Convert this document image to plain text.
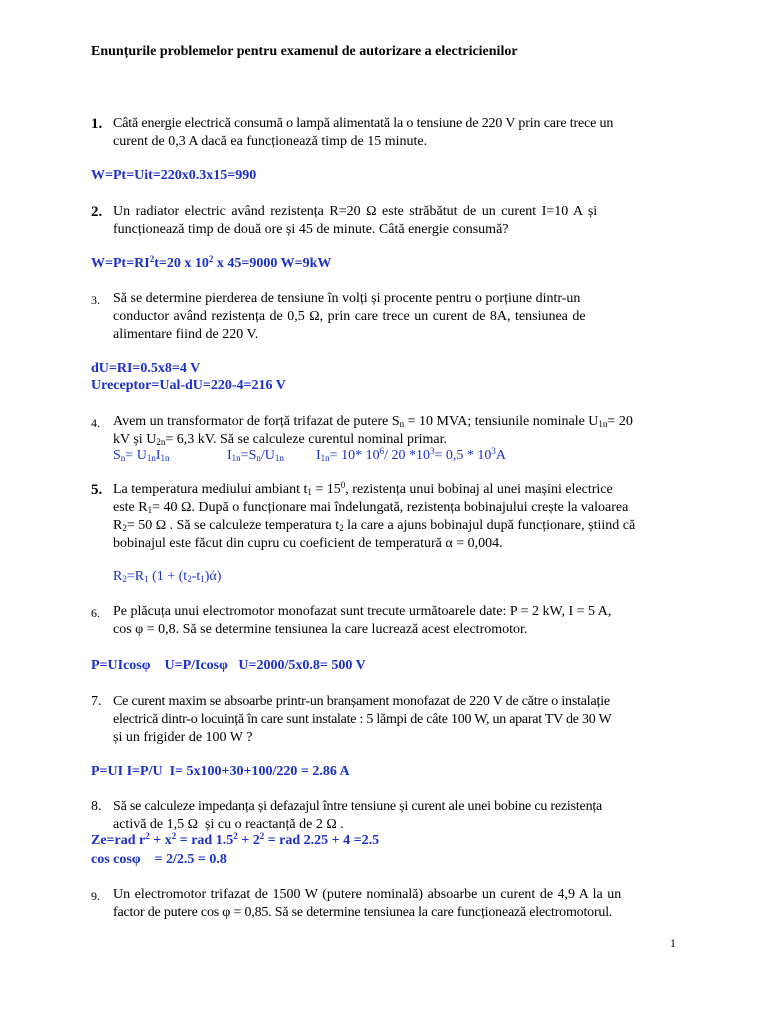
Enunțurile problemelor pentru examenul de autorizare a electricienilor
1. Câtă energie electrică consumă o lampă alimentată la o tensiune de 220 V prin care trece un
curent de 0,3 A dacă ea funcționează timp de 15 minute.
W=Pt=Uit=220x0.3x15=990
2. Un radiator electric având rezistența R=20 Ω este străbătut de un curent I=10 A și
funcționează timp de două ore și 45 de minute. Câtă energie consumă?
$W=Pt=RI^2t=20$ x $10^2$ x 45=9000 W=9kW
3. Să se determine pierderea de tensiune în volți și procente pentru o porțiune dintr-un
conductor având rezistența de 0,5 Ω, prin care trece un curent de 8A, tensiunea de
alimentare fiind de 220 V.
dU=RI=0.5x8=4 V
Ureceptor=Ual-dU=220-4=216 V
4. Avem un transformator de forță trifazat de putere $S_n = 10$ MVA; tensiunile nominale $U_{1n}= 20$
kV și $U_{2n}= 6,3$ kV. Să se calculeze curentul nominal primar.
$S_n= U_{1n}I_{1n}$	$I_{1n}=S_n/U_{1n}$ $I_{1n}= 10*$ $10^6/$ 20 $*10^3= 0,5 * 10^3A$
5. La temperatura mediului ambiant $t_1 = 15^0$, rezistența unui bobinaj al unei mașini electrice
este $R_1= 40$ Ω. După o funcționare mai îndelungată, rezistența bobinajului crește la valoarea
$R_2= 50$ Ω . Să se calculeze temperatura $t_2$ la care a ajuns bobinajul după funcționare, știind că
bobinajul este făcut din cupru cu coeficient de temperatură α = 0,004.
$R_2=R_1$ $(1 + (t_2-t_1)ά)$
6. Pe plăcuța unui electromotor monofazat sunt trecute următoarele date: P = 2 kW, I = 5 A,
cos φ = 0,8. Să se determine tensiunea la care lucrează acest electromotor.
P=UIcosφ    U=P/Icosφ   U=2000/5x0.8= 500 V
7. Ce curent maxim se absoarbe printr-un branșament monofazat de 220 V de către o instalație
electrică dintr-o locuință în care sunt instalate : 5 lămpi de câte 100 W, un aparat TV de 30 W
și un frigider de 100 W ?
P=UI I=P/U  I= 5x100+30+100/220 = 2.86 A
8. Să se calculeze impedanța și defazajul între tensiune și curent ale unei bobine cu rezistența
activă de 1,5 Ω  și cu o reactanță de 2 Ω .
Ze=rad $r^2 + x^2$ = rad $1.5^2 + 2^2$ = rad 2.25 + 4 =2.5
cos cosφ    = 2/2.5 = 0.8
9. Un electromotor trifazat de 1500 W (putere nominală) absoarbe un curent de 4,9 A la un
factor de putere cos φ = 0,85. Să se determine tensiunea la care funcționează electromotorul.
1
